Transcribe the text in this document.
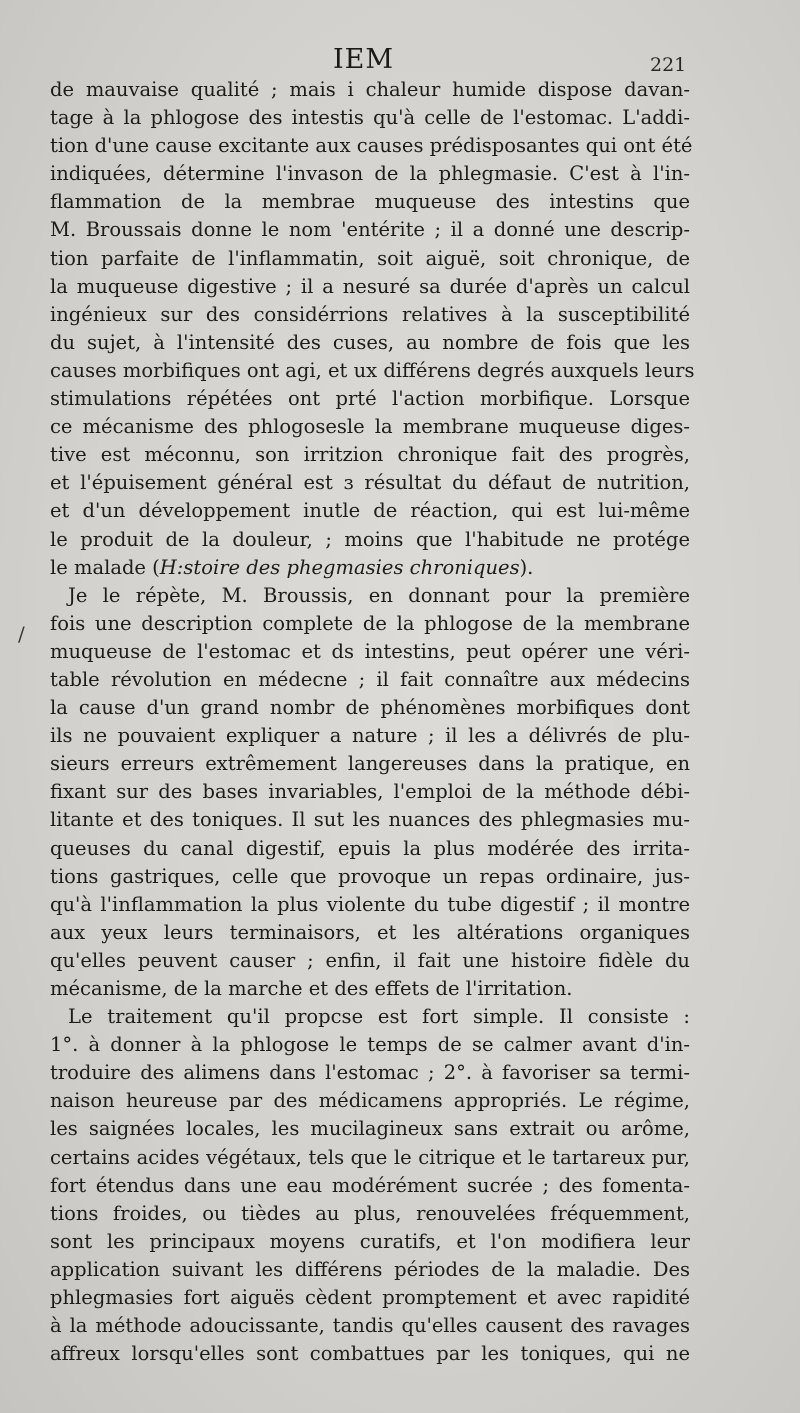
ΙΕΜ	221
/
de mauvaise qualité ; mais i chaleur humide dispose davan-
tage à la phlogose des intestis qu'à celle de l'estomac. L'addi-
tion d'une cause excitante aux causes prédisposantes qui ont été
indiquées, détermine l'invason de la phlegmasie. C'est à l'in-
flammation de la membrae muqueuse des intestins que
M. Broussais donne le nom 'entérite ; il a donné une descrip-
tion parfaite de l'inflammatin, soit aiguë, soit chronique, de
la muqueuse digestive ; il a nesuré sa durée d'après un calcul
ingénieux sur des considérrions relatives à la susceptibilité
du sujet, à l'intensité des cuses, au nombre de fois que les
causes morbifiques ont agi, et ux différens degrés auxquels leurs
stimulations répétées ont prté l'action morbifique. Lorsque
ce mécanisme des phlogosesle la membrane muqueuse diges-
tive est méconnu, son irritzion chronique fait des progrès,
et l'épuisement général est ɜ résultat du défaut de nutrition,
et d'un développement inutle de réaction, qui est lui-même
le produit de la douleur, ; moins que l'habitude ne protége
le malade (H:stoire des phegmasies chroniques).
Je le répète, M. Broussis, en donnant pour la première
fois une description complete de la phlogose de la membrane
muqueuse de l'estomac et ds intestins, peut opérer une véri-
table révolution en médecne ; il fait connaître aux médecins
la cause d'un grand nombr de phénomènes morbifiques dont
ils ne pouvaient expliquer a nature ; il les a délivrés de plu-
sieurs erreurs extrêmement langereuses dans la pratique, en
fixant sur des bases invariables, l'emploi de la méthode débi-
litante et des toniques. Il sut les nuances des phlegmasies mu-
queuses du canal digestif, epuis la plus modérée des irrita-
tions gastriques, celle que provoque un repas ordinaire, jus-
qu'à l'inflammation la plus violente du tube digestif ; il montre
aux yeux leurs terminaisors, et les altérations organiques
qu'elles peuvent causer ; enfin, il fait une histoire fidèle du
mécanisme, de la marche et des effets de l'irritation.
Le traitement qu'il propcse est fort simple. Il consiste :
1°. à donner à la phlogose le temps de se calmer avant d'in-
troduire des alimens dans l'estomac ; 2°. à favoriser sa termi-
naison heureuse par des médicamens appropriés. Le régime,
les saignées locales, les mucilagineux sans extrait ou arôme,
certains acides végétaux, tels que le citrique et le tartareux pur,
fort étendus dans une eau modérément sucrée ; des fomenta-
tions froides, ou tièdes au plus, renouvelées fréquemment,
sont les principaux moyens curatifs, et l'on modifiera leur
application suivant les différens périodes de la maladie. Des
phlegmasies fort aiguës cèdent promptement et avec rapidité
à la méthode adoucissante, tandis qu'elles causent des ravages
affreux lorsqu'elles sont combattues par les toniques, qui ne
